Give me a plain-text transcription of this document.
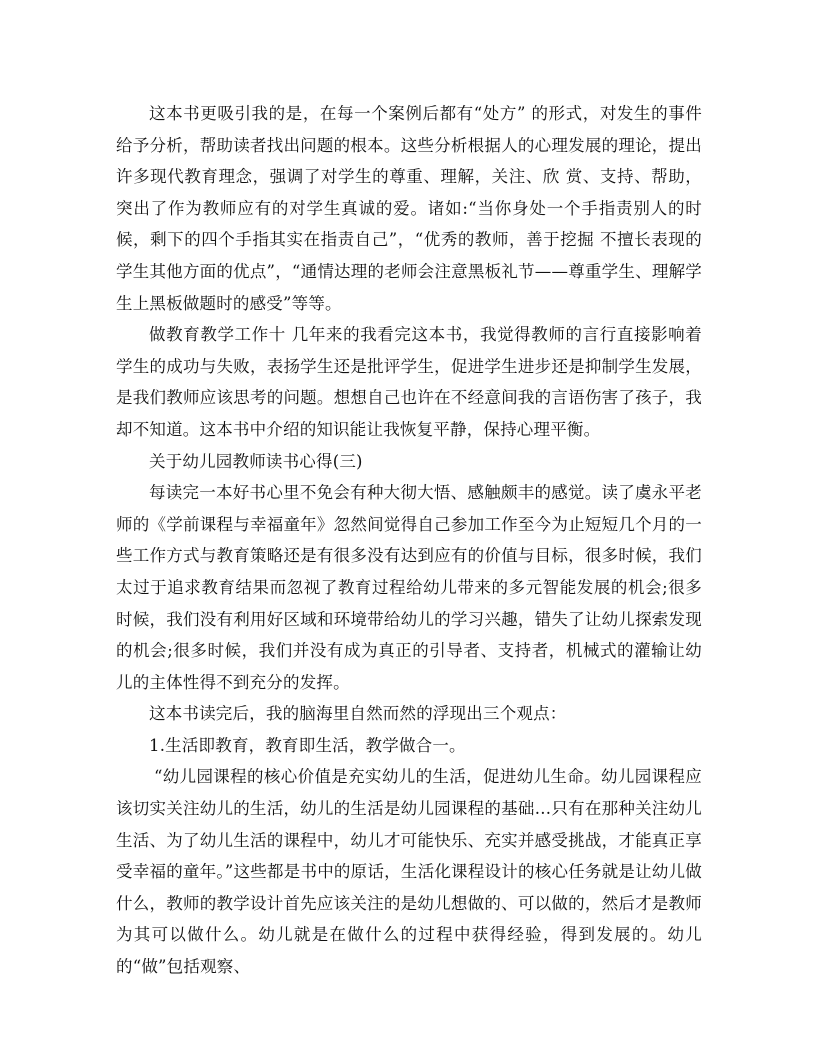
这本书更吸引我的是，在每一个案例后都有“处方” 的形式，对发生的事件给予分析，帮助读者找出问题的根本。这些分析根据人的心理发展的理论，提出许多现代教育理念，强调了对学生的尊重、理解，关注、欣 赏、支持、帮助，突出了作为教师应有的对学生真诚的爱。诸如:“当你身处一个手指责别人的时候，剩下的四个手指其实在指责自己”，“优秀的教师，善于挖掘 不擅长表现的学生其他方面的优点”，“通情达理的老师会注意黑板礼节——尊重学生、理解学生上黑板做题时的感受”等等。

做教育教学工作十 几年来的我看完这本书，我觉得教师的言行直接影响着学生的成功与失败，表扬学生还是批评学生，促进学生进步还是抑制学生发展，是我们教师应该思考的问题。想想自己也许在不经意间我的言语伤害了孩子，我却不知道。这本书中介绍的知识能让我恢复平静，保持心理平衡。

关于幼儿园教师读书心得(三)

每读完一本好书心里不免会有种大彻大悟、感触颇丰的感觉。读了虞永平老师的《学前课程与幸福童年》忽然间觉得自己参加工作至今为止短短几个月的一些工作方式与教育策略还是有很多没有达到应有的价值与目标，很多时候，我们太过于追求教育结果而忽视了教育过程给幼儿带来的多元智能发展的机会;很多时候，我们没有利用好区域和环境带给幼儿的学习兴趣，错失了让幼儿探索发现的机会;很多时候，我们并没有成为真正的引导者、支持者，机械式的灌输让幼儿的主体性得不到充分的发挥。

这本书读完后，我的脑海里自然而然的浮现出三个观点：

1.生活即教育，教育即生活，教学做合一。

“幼儿园课程的核心价值是充实幼儿的生活，促进幼儿生命。幼儿园课程应该切实关注幼儿的生活，幼儿的生活是幼儿园课程的基础…只有在那种关注幼儿生活、为了幼儿生活的课程中，幼儿才可能快乐、充实并感受挑战，才能真正享受幸福的童年。”这些都是书中的原话，生活化课程设计的核心任务就是让幼儿做什么，教师的教学设计首先应该关注的是幼儿想做的、可以做的，然后才是教师为其可以做什么。幼儿就是在做什么的过程中获得经验，得到发展的。幼儿的“做”包括观察、
